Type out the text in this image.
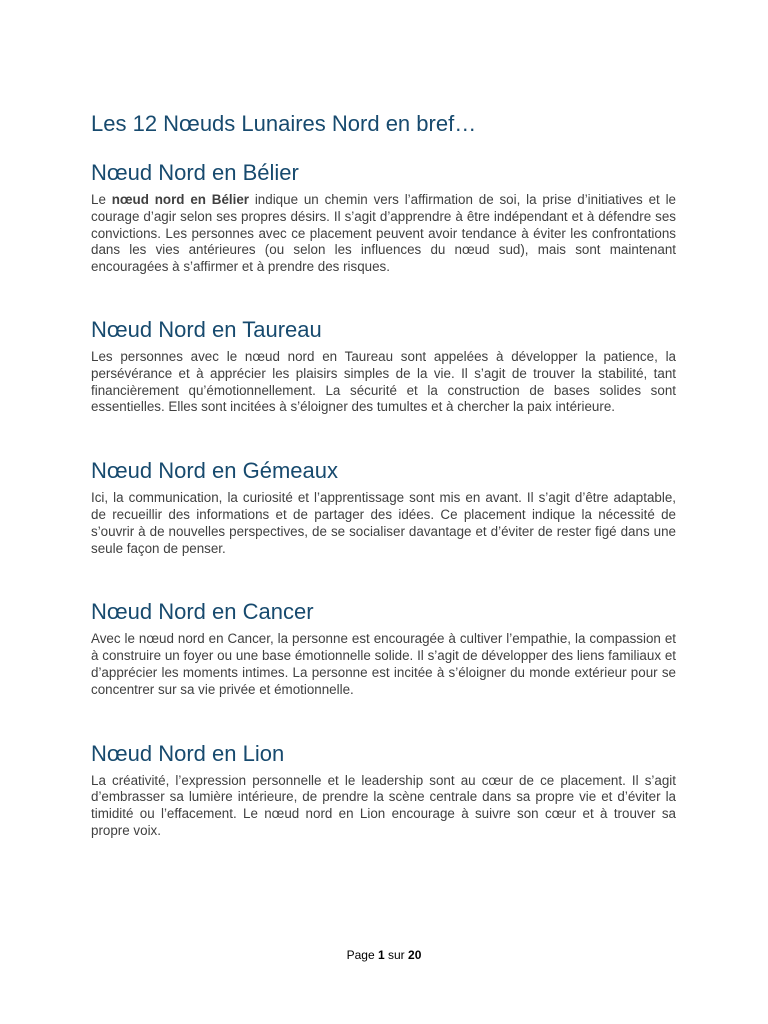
Les 12 Nœuds Lunaires Nord en bref…
Nœud Nord en Bélier

Le nœud nord en Bélier indique un chemin vers l’affirmation de soi, la prise d’initiatives et le courage d’agir selon ses propres désirs. Il s’agit d’apprendre à être indépendant et à défendre ses convictions. Les personnes avec ce placement peuvent avoir tendance à éviter les confrontations dans les vies antérieures (ou selon les influences du nœud sud), mais sont maintenant encouragées à s’affirmer et à prendre des risques.

Nœud Nord en Taureau

Les personnes avec le nœud nord en Taureau sont appelées à développer la patience, la persévérance et à apprécier les plaisirs simples de la vie. Il s’agit de trouver la stabilité, tant financièrement qu’émotionnellement. La sécurité et la construction de bases solides sont essentielles. Elles sont incitées à s’éloigner des tumultes et à chercher la paix intérieure.

Nœud Nord en Gémeaux

Ici, la communication, la curiosité et l’apprentissage sont mis en avant. Il s’agit d’être adaptable, de recueillir des informations et de partager des idées. Ce placement indique la nécessité de s’ouvrir à de nouvelles perspectives, de se socialiser davantage et d’éviter de rester figé dans une seule façon de penser.

Nœud Nord en Cancer

Avec le nœud nord en Cancer, la personne est encouragée à cultiver l’empathie, la compassion et à construire un foyer ou une base émotionnelle solide. Il s’agit de développer des liens familiaux et d’apprécier les moments intimes. La personne est incitée à s’éloigner du monde extérieur pour se concentrer sur sa vie privée et émotionnelle.

Nœud Nord en Lion

La créativité, l’expression personnelle et le leadership sont au cœur de ce placement. Il s’agit d’embrasser sa lumière intérieure, de prendre la scène centrale dans sa propre vie et d’éviter la timidité ou l’effacement. Le nœud nord en Lion encourage à suivre son cœur et à trouver sa propre voix.

Page 1 sur 20
